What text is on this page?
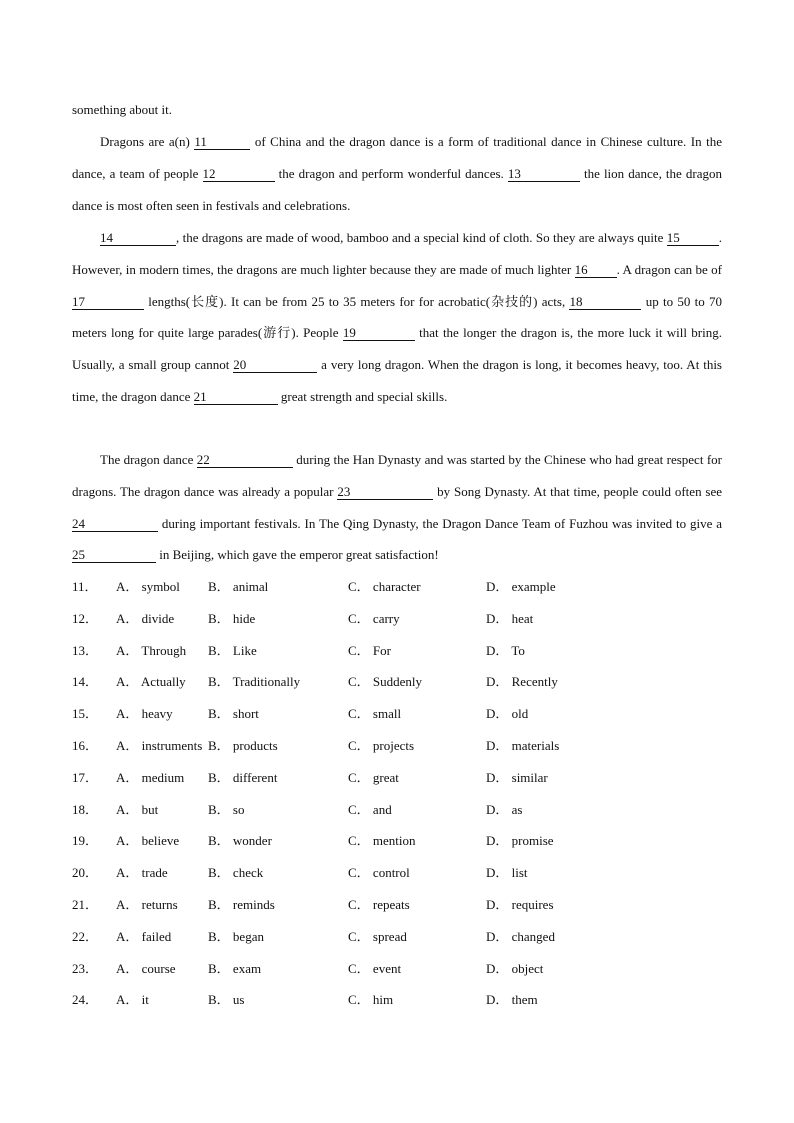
something about it.

Dragons are a(n) 11	of China and the dragon dance is a form of traditional dance in Chinese culture. In the dance, a team of people 12	the dragon and perform wonderful dances. 13	the lion dance, the dragon dance is most often seen in festivals and celebrations.

14	, the dragons are made of wood, bamboo and a special kind of cloth. So they are always quite 15	. However, in modern times, the dragons are much lighter because they are made of much lighter 16 . A dragon can be of 17	lengths(长度). It can be from 25 to 35 meters for for acrobatic(杂技的) acts, 18	up to 50 to 70 meters long for quite large parades(游行). People 19	that the longer the dragon is, the more luck it will bring. Usually, a small group cannot 20	a very long dragon. When the dragon is long, it becomes heavy, too. At this time, the dragon dance 21	great strength and special skills.

The dragon dance 22	during the Han Dynasty and was started by the Chinese who had great respect for dragons. The dragon dance was already a popular 23	by Song Dynasty. At that time, people could often see 24	during important festivals. In The Qing Dynasty, the Dragon Dance Team of Fuzhou was invited to give a 25	in Beijing, which gave the emperor great satisfaction!

11． A． symbol B． animal	C． character	D． example
12． A． divide	B． hide	C． carry	D． heat
13． A． Through B． Like	C． For	D． To
14． A． Actually B． Traditionally	C． Suddenly	D． Recently
15． A． heavy	B． short	C． small	D． old
16． A． instruments B． products	C． projects	D． materials
17． A． medium B． different	C． great	D． similar
18． A． but	B． so	C． and	D． as
19． A． believe B． wonder	C． mention	D． promise
20． A． trade	B． check	C． control	D． list
21． A． returns B． reminds	C． repeats	D． requires
22． A． failed	B． began	C． spread	D． changed
23． A． course B． exam	C． event	D． object
24． A． it	B． us	C． him	D． them
